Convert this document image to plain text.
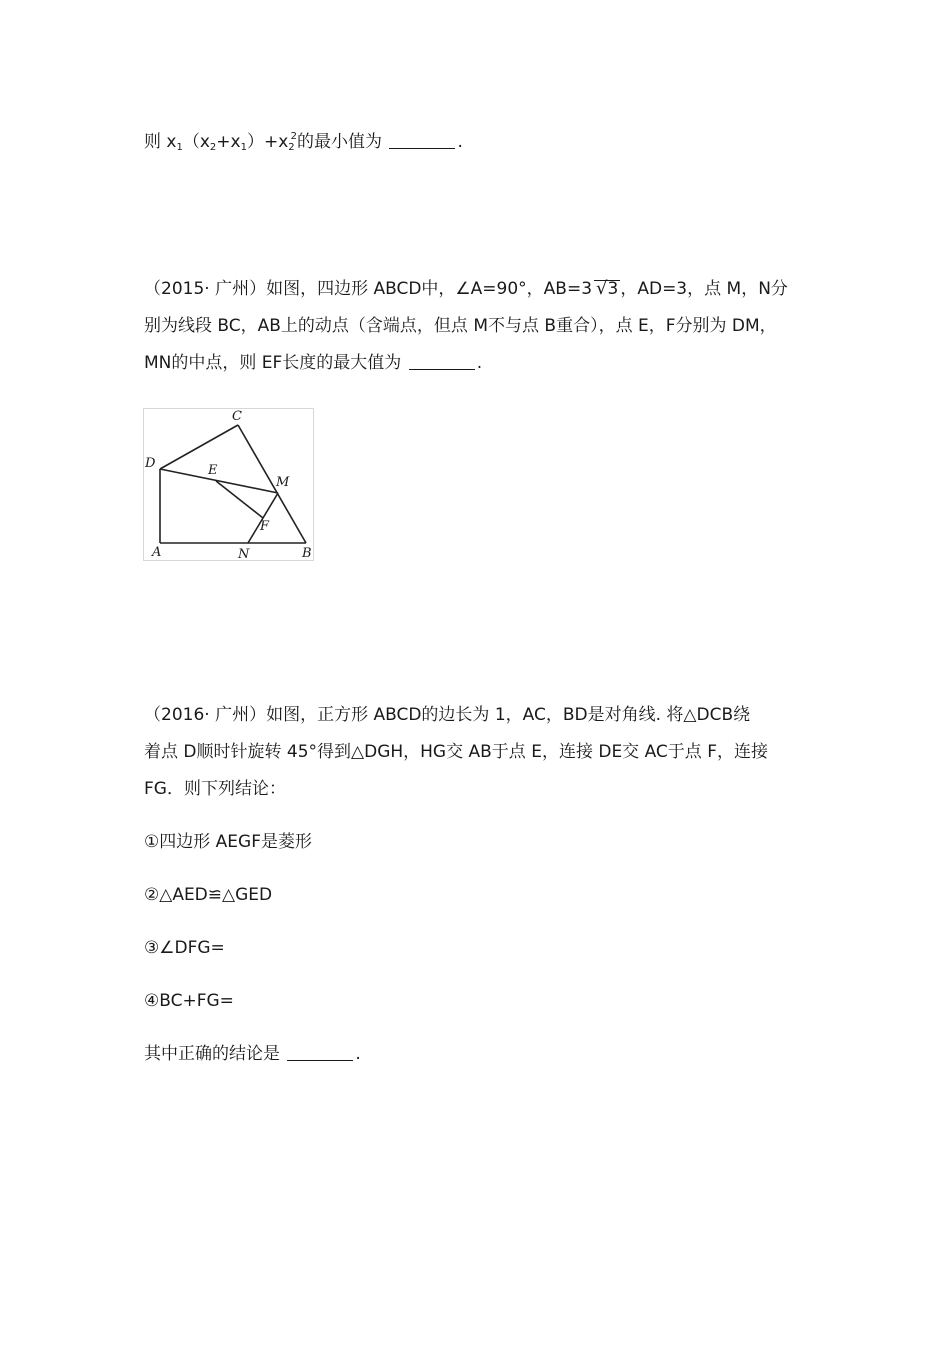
则 $x_1(x_2+x_1)+x_2^2$的最小值为	.
（2015· 广州）如图，四边形 ABCD中，∠A=90°，AB=3 √3 ，AD=3，点 M，N分
别为线段 BC，AB上的动点（含端点，但点 M不与点 B重合），点 E，F分别为 DM，
MN的中点，则 EF长度的最大值为	.
C
D	E
M
F
A	N	B
（2016· 广州）如图，正方形 ABCD的边长为 1，AC，BD是对角线. 将△DCB绕
着点 D顺时针旋转 45°得到△DGH，HG交 AB于点 E，连接 DE交 AC于点 F，连接
FG．则下列结论：
①四边形 AEGF是菱形
②△AED≌△GED
③∠DFG=
④BC+FG=
其中正确的结论是	.
